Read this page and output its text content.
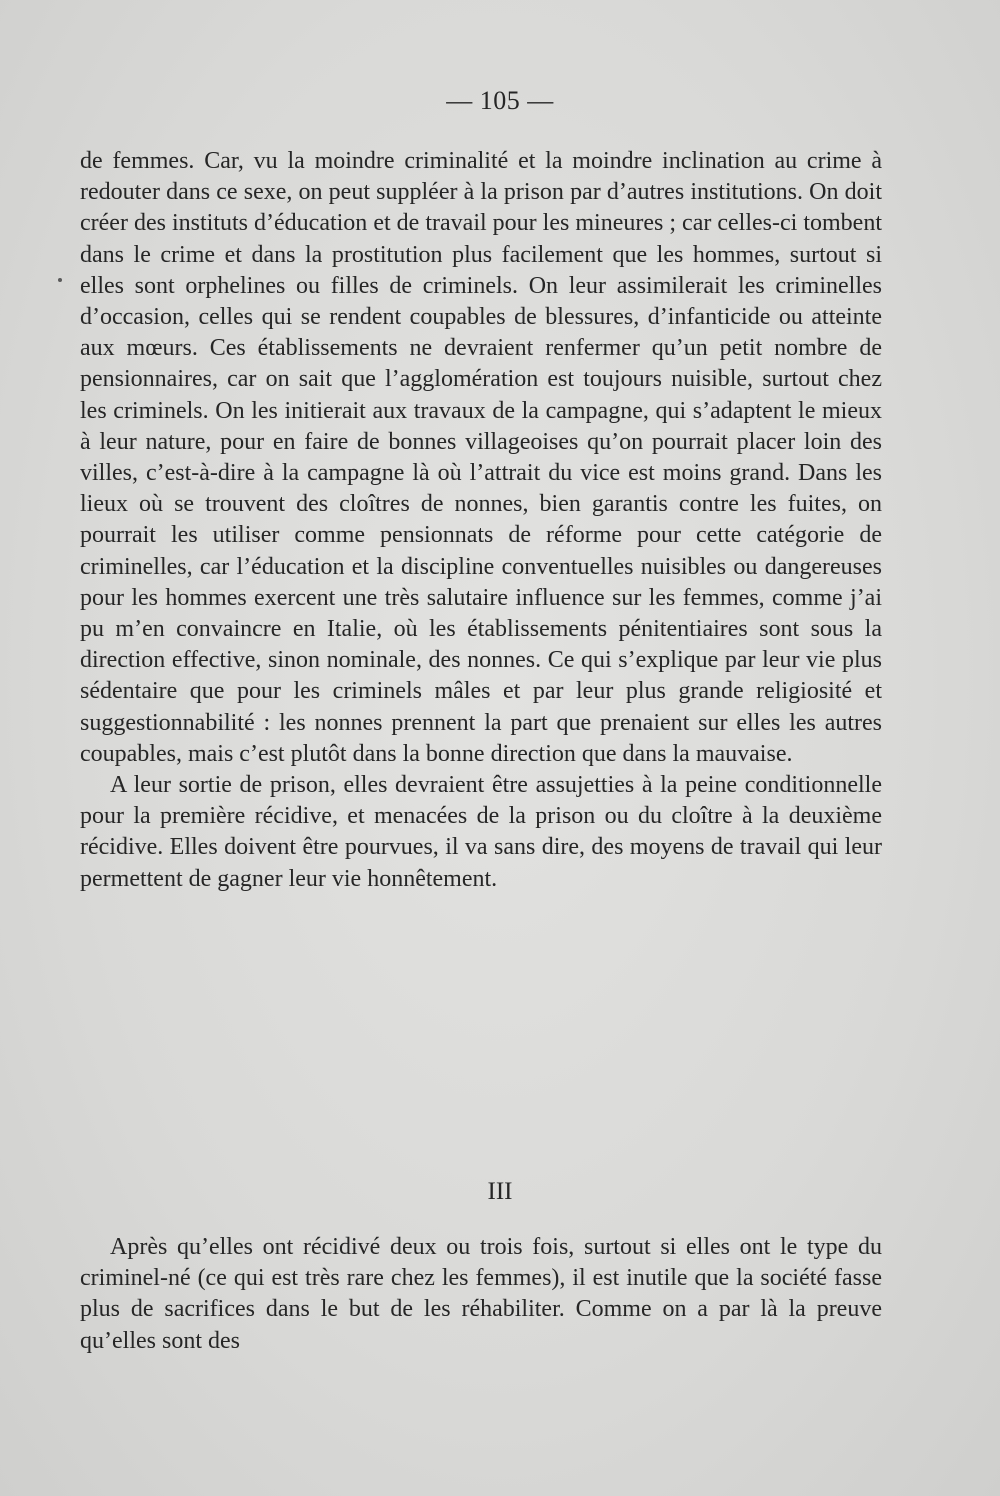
— 105 —

de femmes. Car, vu la moindre criminalité et la moindre inclination au crime à redouter dans ce sexe, on peut suppléer à la prison par d’autres institutions. On doit créer des instituts d’éducation et de travail pour les mineures ; car celles-ci tombent dans le crime et dans la prostitution plus facilement que les hommes, surtout si elles sont orphelines ou filles de criminels. On leur assimilerait les criminelles d’occasion, celles qui se rendent coupables de blessures, d’infanticide ou atteinte aux mœurs. Ces établissements ne devraient renfermer qu’un petit nombre de pensionnaires, car on sait que l’agglomération est toujours nuisible, surtout chez les criminels. On les initierait aux travaux de la campagne, qui s’adaptent le mieux à leur nature, pour en faire de bonnes villageoises qu’on pourrait placer loin des villes, c’est-à-dire à la campagne là où l’attrait du vice est moins grand. Dans les lieux où se trouvent des cloîtres de nonnes, bien garantis contre les fuites, on pourrait les utiliser comme pensionnats de réforme pour cette catégorie de criminelles, car l’éducation et la discipline conventuelles nuisibles ou dangereuses pour les hommes exercent une très salutaire influence sur les femmes, comme j’ai pu m’en convaincre en Italie, où les établissements pénitentiaires sont sous la direction effective, sinon nominale, des nonnes. Ce qui s’explique par leur vie plus sédentaire que pour les criminels mâles et par leur plus grande religiosité et suggestionnabilité : les nonnes prennent la part que prenaient sur elles les autres coupables, mais c’est plutôt dans la bonne direction que dans la mauvaise.

A leur sortie de prison, elles devraient être assujetties à la peine conditionnelle pour la première récidive, et menacées de la prison ou du cloître à la deuxième récidive. Elles doivent être pourvues, il va sans dire, des moyens de travail qui leur permettent de gagner leur vie honnêtement.

III

Après qu’elles ont récidivé deux ou trois fois, surtout si elles ont le type du criminel-né (ce qui est très rare chez les femmes), il est inutile que la société fasse plus de sacrifices dans le but de les réhabiliter. Comme on a par là la preuve qu’elles sont des
